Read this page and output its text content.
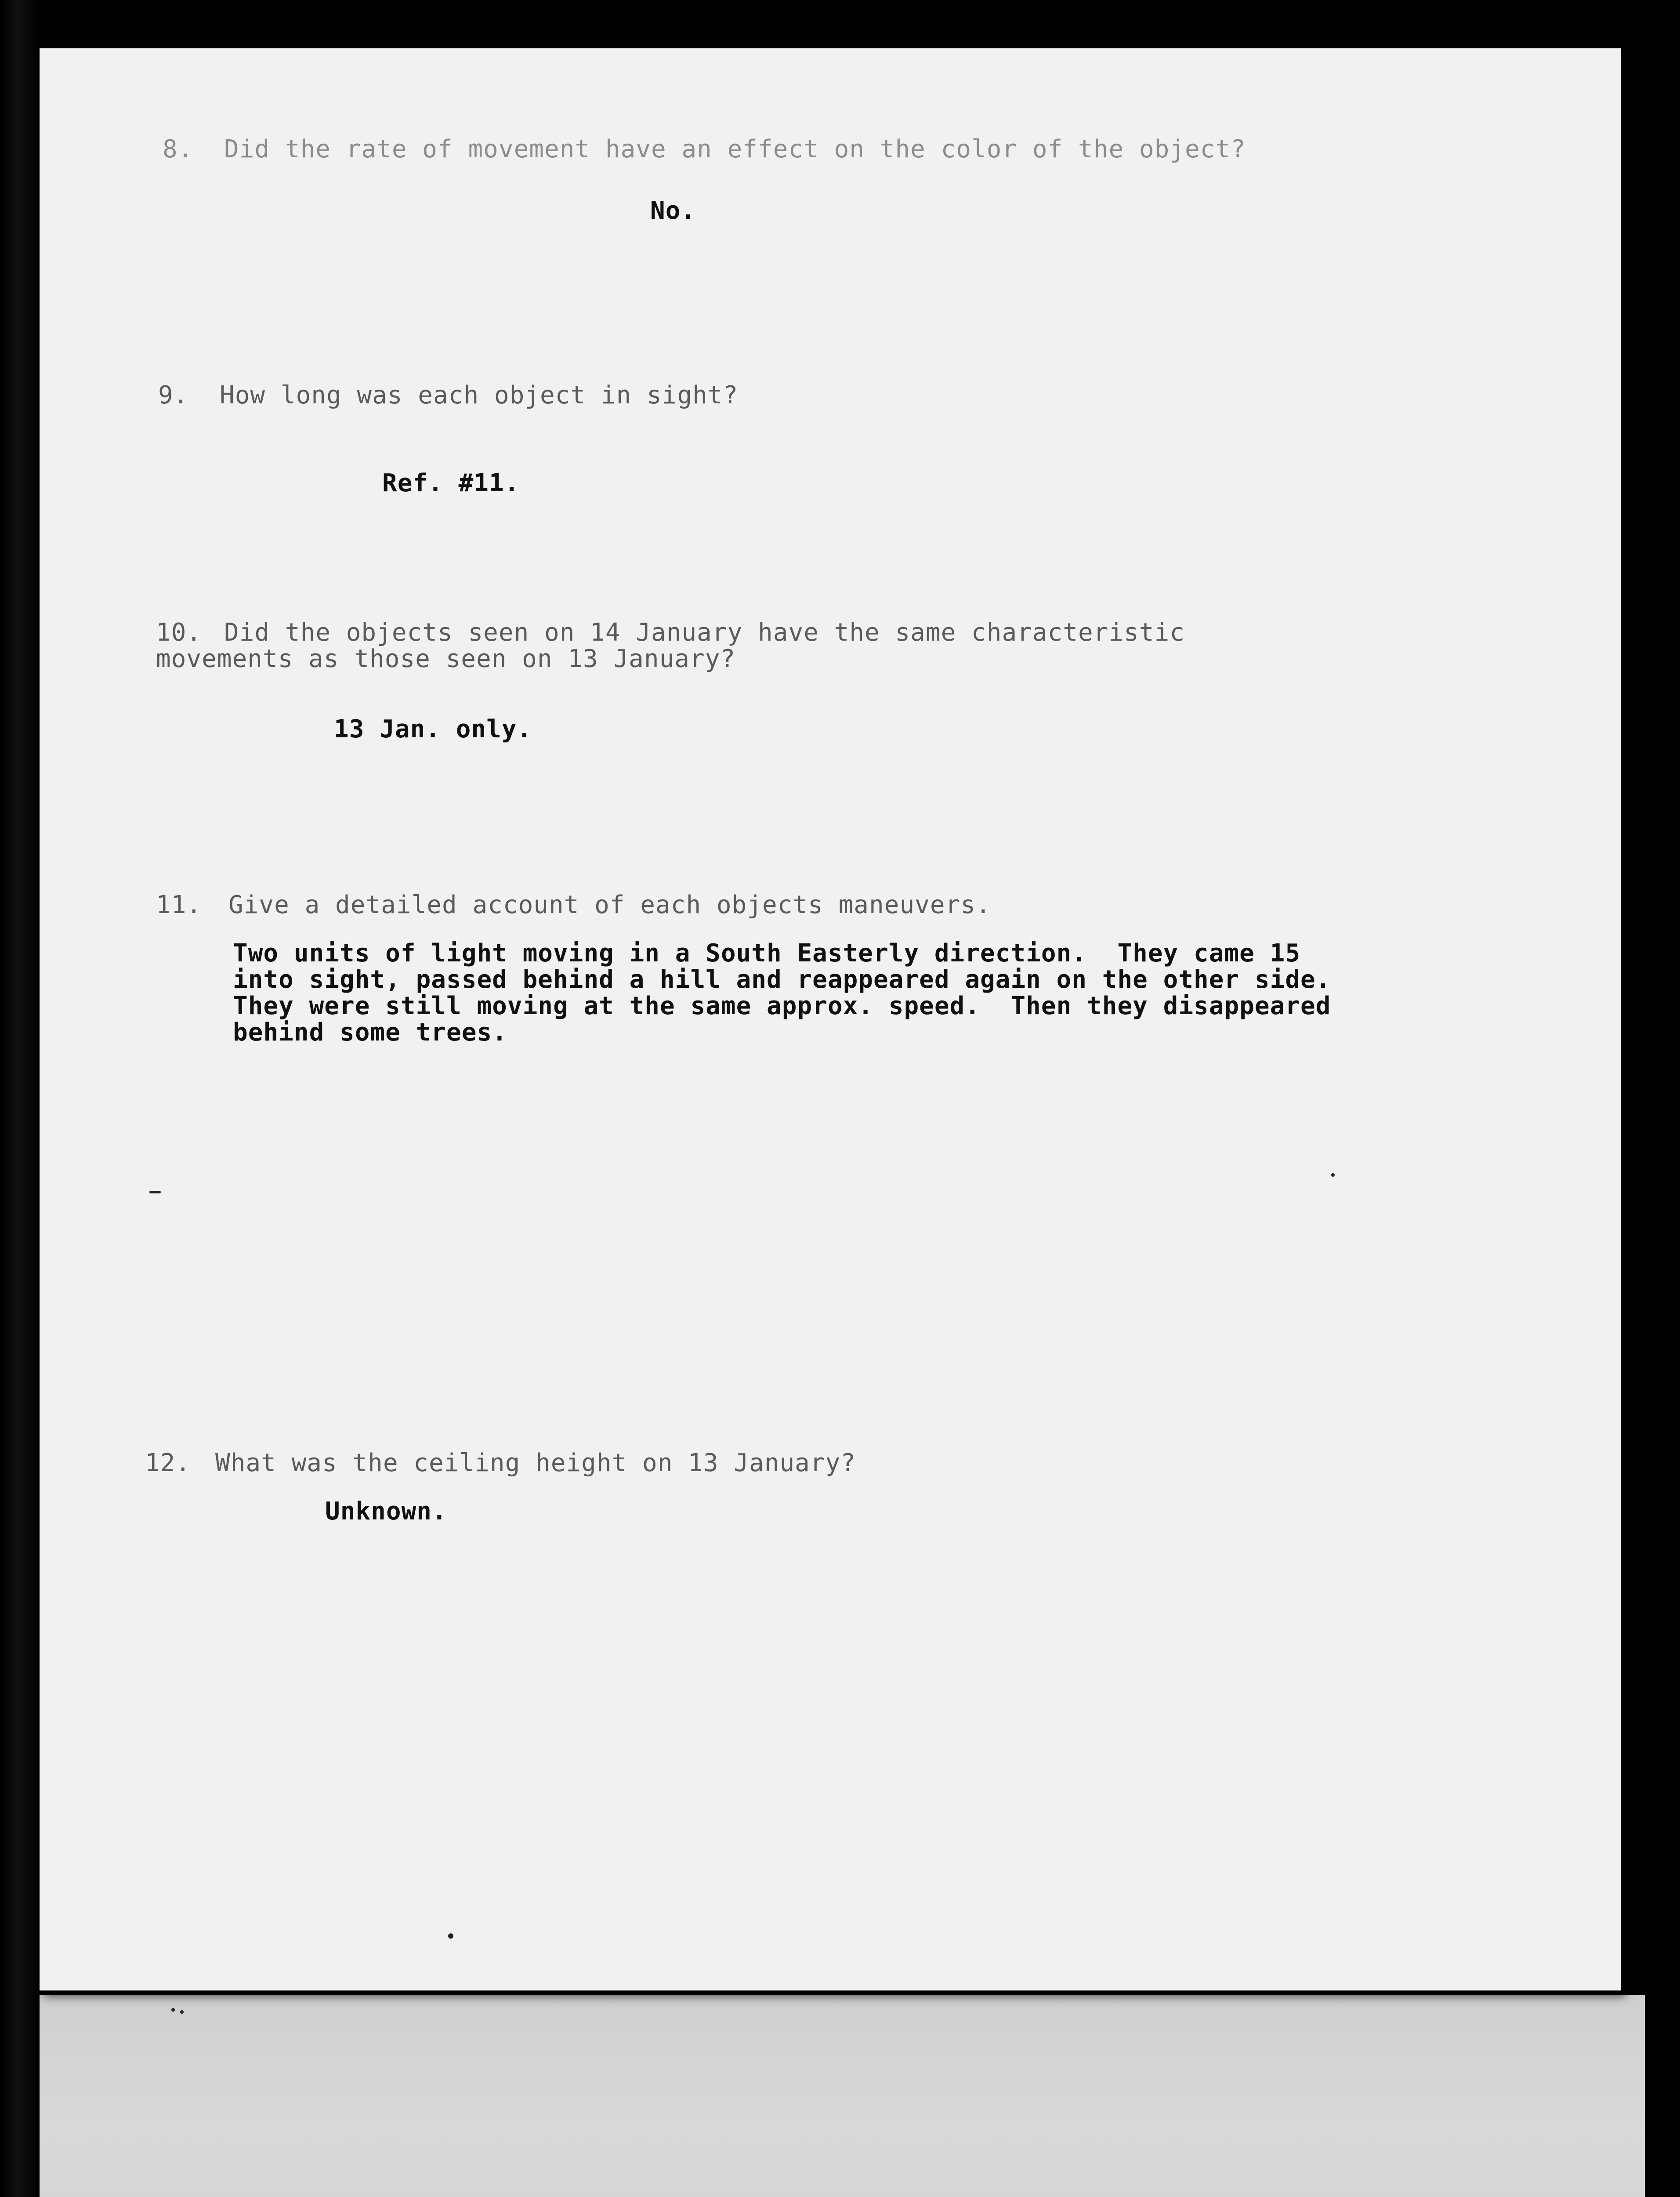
8. Did the rate of movement have an effect on the color of the object?
No.
9. How long was each object in sight?
Ref. #11.
10. Did the objects seen on 14 January have the same characteristic
movements as those seen on 13 January?
13 Jan. only.
11. Give a detailed account of each objects maneuvers.
Two units of light moving in a South Easterly direction.  They came 15
into sight, passed behind a hill and reappeared again on the other side.
They were still moving at the same approx. speed.  Then they disappeared
behind some trees.
12. What was the ceiling height on 13 January?
Unknown.
